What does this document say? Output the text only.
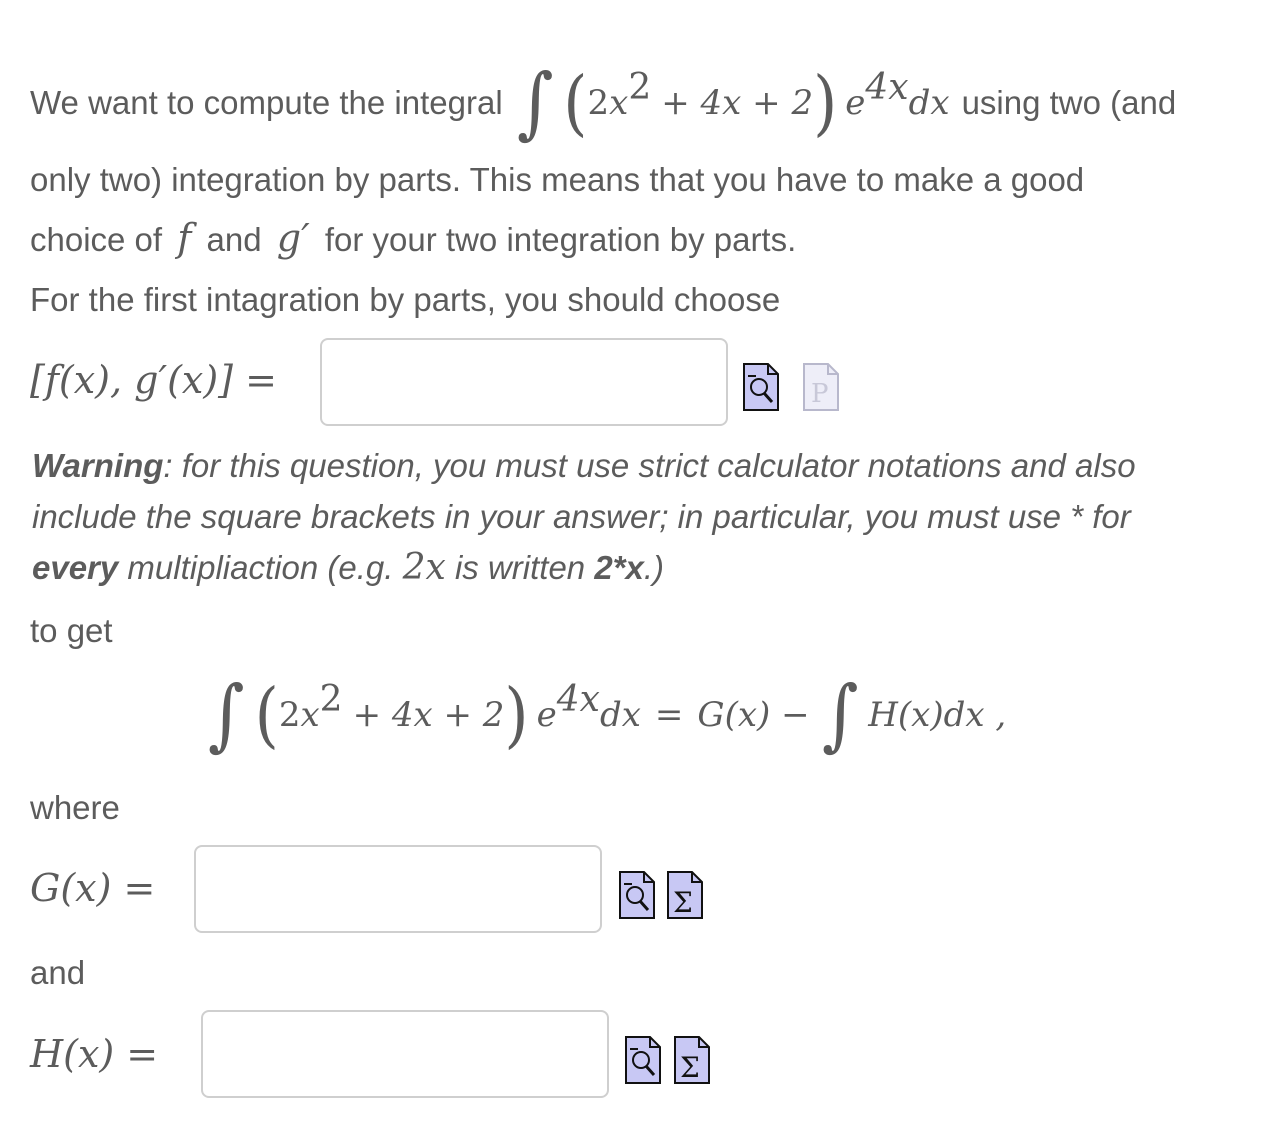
We want to compute the integral ∫ ( 2 x 2 + 4x + 2 ) e 4x dx using two (and
only two) integration by parts. This means that you have to make a good
choice of f and g′ for your two integration by parts.
For the first intagration by parts, you should choose
[f(x), g′(x)] =	P
Warning: for this question, you must use strict calculator notations and also
include the square brackets in your answer; in particular, you must use * for
every multipliaction (e.g. 2x is written 2*x.)
to get
∫ ( 2 x 2 + 4x + 2 ) e 4x dx = G(x) − ∫ H(x)dx ,
where
G(x) =	Σ
and
H(x) =	Σ
